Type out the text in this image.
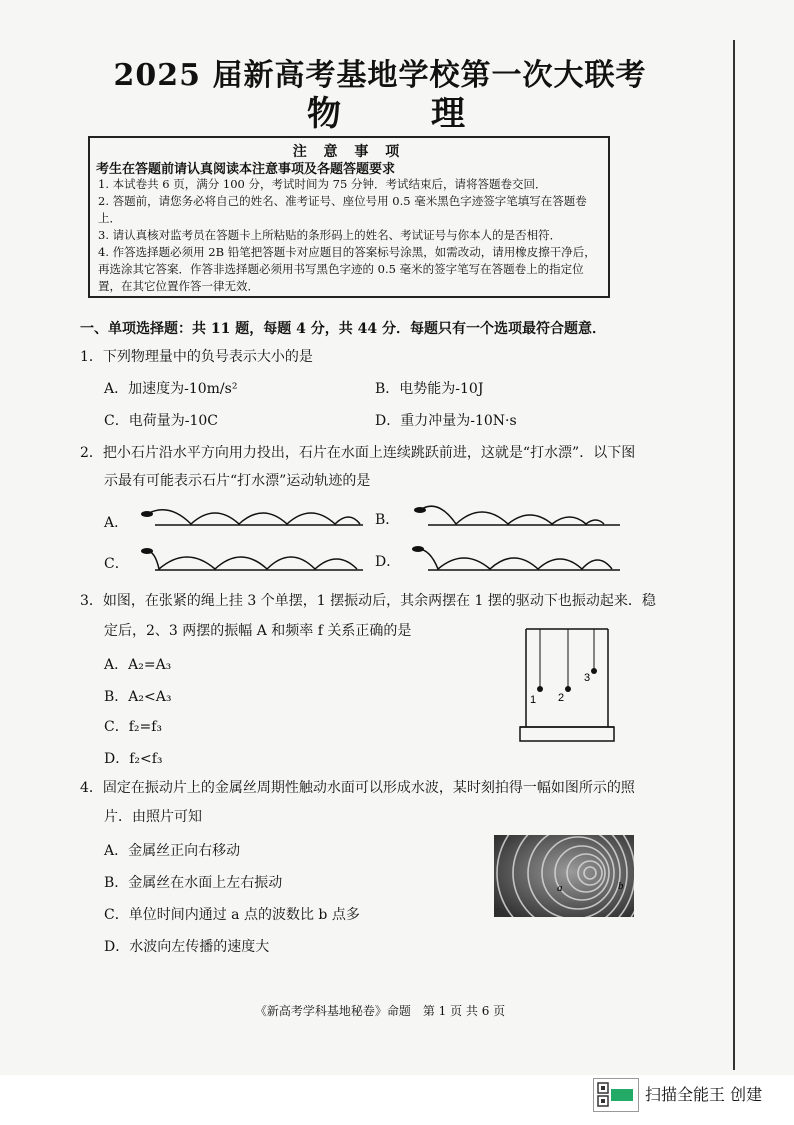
2025 届新高考基地学校第一次大联考
物　理
注 意 事 项
考生在答题前请认真阅读本注意事项及各题答题要求
1. 本试卷共 6 页，满分 100 分，考试时间为 75 分钟．考试结束后，请将答题卷交回．
2. 答题前，请您务必将自己的姓名、准考证号、座位号用 0.5 毫米黑色字迹签字笔填写在答题卷上．
3. 请认真核对监考员在答题卡上所粘贴的条形码上的姓名、考试证号与你本人的是否相符．
4. 作答选择题必须用 2B 铅笔把答题卡对应题目的答案标号涂黑，如需改动，请用橡皮擦干净后，再选涂其它答案．作答非选择题必须用书写黑色字迹的 0.5 毫米的签字笔写在答题卷上的指定位置，在其它位置作答一律无效．
一、单项选择题：共 11 题，每题 4 分，共 44 分．每题只有一个选项最符合题意．
1．下列物理量中的负号表示大小的是
A．加速度为-10m/s²	B．电势能为-10J
C．电荷量为-10C	D．重力冲量为-10N·s
2．把小石片沿水平方向用力投出，石片在水面上连续跳跃前进，这就是“打水漂”．以下图
示最有可能表示石片“打水漂”运动轨迹的是
A．	B．
C．	D．
3．如图，在张紧的绳上挂 3 个单摆，1 摆振动后，其余两摆在 1 摆的驱动下也振动起来．稳
定后，2、3 两摆的振幅 A 和频率 f 关系正确的是
A．A₂=A₃
B．A₂<A₃
C．f₂=f₃
D．f₂<f₃
1 2
3
4．固定在振动片上的金属丝周期性触动水面可以形成水波，某时刻拍得一幅如图所示的照
片．由照片可知
A．金属丝正向右移动
B．金属丝在水面上左右振动
C．单位时间内通过 a 点的波数比 b 点多
D．水波向左传播的速度大
a	b
《新高考学科基地秘卷》命题　第 1 页 共 6 页
扫描全能王 创建
